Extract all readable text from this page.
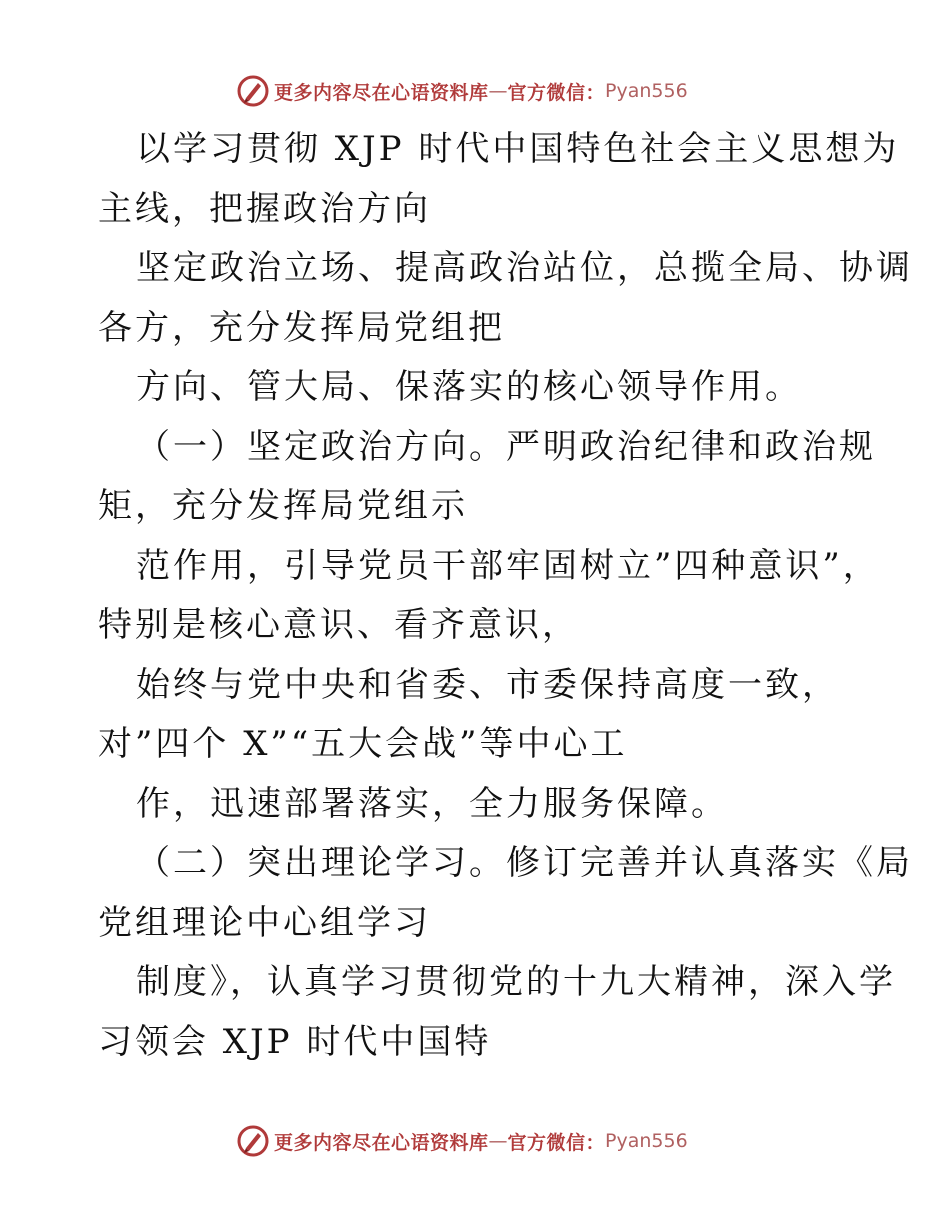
更多内容尽在心语资料库 — 官方微信： Pyan556
以学习贯彻 XJP 时代中国特色社会主义思想为
主线，把握政治方向
坚定政治立场、提高政治站位，总揽全局、协调
各方，充分发挥局党组把
方向、管大局、保落实的核心领导作用。
（一）坚定政治方向。严明政治纪律和政治规
矩，充分发挥局党组示
范作用，引导党员干部牢固树立”四种意识”，
特别是核心意识、看齐意识，
始终与党中央和省委、市委保持高度一致，
对”四个 X”“五大会战”等中心工
作，迅速部署落实，全力服务保障。
（二）突出理论学习。修订完善并认真落实《局
党组理论中心组学习
制度》，认真学习贯彻党的十九大精神，深入学
习领会 XJP 时代中国特
更多内容尽在心语资料库 — 官方微信： Pyan556
